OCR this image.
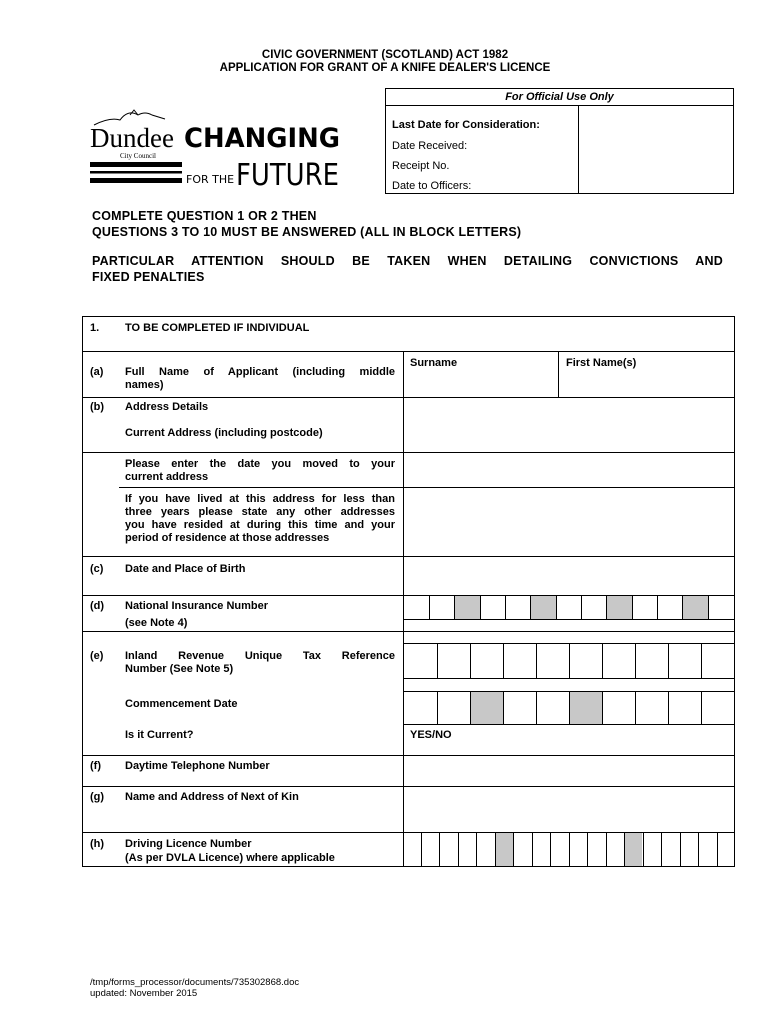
CIVIC GOVERNMENT (SCOTLAND) ACT 1982
APPLICATION FOR GRANT OF A KNIFE DEALER'S LICENCE
Dundee
City Council
CHANGING
FOR THE FUTURE
For Official Use Only
Last Date for Consideration:
Date Received:
Receipt No.
Date to Officers:
COMPLETE QUESTION 1 OR 2 THEN
QUESTIONS 3 TO 10 MUST BE ANSWERED (ALL IN BLOCK LETTERS)
PARTICULAR ATTENTION SHOULD BE TAKEN WHEN DETAILING CONVICTIONS AND
FIXED PENALTIES
1. TO BE COMPLETED IF INDIVIDUAL
(a) Full Name of Applicant (including middle
names)
Surname	First Name(s)
(b) Address Details
Current Address (including postcode)
Please enter the date you moved to your
current address
If you have lived at this address for less than
three years please state any other addresses
you have resided at during this time and your
period of residence at those addresses
(c) Date and Place of Birth
(d) National Insurance Number
(see Note 4)
(e) Inland Revenue Unique Tax Reference
Number (See Note 5)
Commencement Date
Is it Current?	YES/NO
(f) Daytime Telephone Number
(g) Name and Address of Next of Kin
(h) Driving Licence Number
(As per DVLA Licence) where applicable
/tmp/forms_processor/documents/735302868.doc
updated: November 2015
